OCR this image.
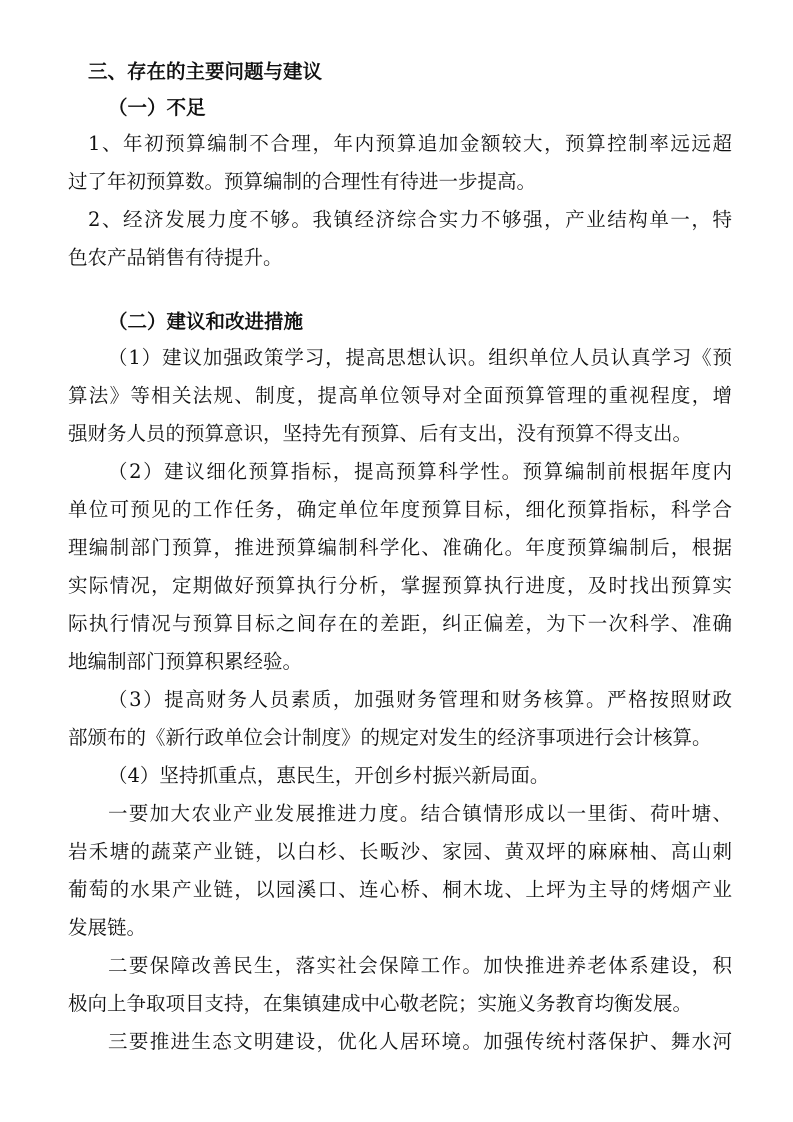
三、存在的主要问题与建议
（一）不足
1、年初预算编制不合理，年内预算追加金额较大，预算控制率远远超
过了年初预算数。预算编制的合理性有待进一步提高。
2、经济发展力度不够。我镇经济综合实力不够强，产业结构单一，特
色农产品销售有待提升。
（二）建议和改进措施
（1）建议加强政策学习，提高思想认识。组织单位人员认真学习《预
算法》等相关法规、制度，提高单位领导对全面预算管理的重视程度，增
强财务人员的预算意识，坚持先有预算、后有支出，没有预算不得支出。
（2）建议细化预算指标，提高预算科学性。预算编制前根据年度内
单位可预见的工作任务，确定单位年度预算目标，细化预算指标，科学合
理编制部门预算，推进预算编制科学化、准确化。年度预算编制后，根据
实际情况，定期做好预算执行分析，掌握预算执行进度，及时找出预算实
际执行情况与预算目标之间存在的差距，纠正偏差，为下一次科学、准确
地编制部门预算积累经验。
（3）提高财务人员素质，加强财务管理和财务核算。严格按照财政
部颁布的《新行政单位会计制度》的规定对发生的经济事项进行会计核算。
（4）坚持抓重点，惠民生，开创乡村振兴新局面。
一要加大农业产业发展推进力度。结合镇情形成以一里街、荷叶塘、
岩禾塘的蔬菜产业链，以白杉、长畈沙、家园、黄双坪的麻麻柚、高山刺
葡萄的水果产业链，以园溪口、连心桥、桐木垅、上坪为主导的烤烟产业
发展链。
二要保障改善民生，落实社会保障工作。加快推进养老体系建设，积
极向上争取项目支持，在集镇建成中心敬老院；实施义务教育均衡发展。
三要推进生态文明建设，优化人居环境。加强传统村落保护、舞水河
